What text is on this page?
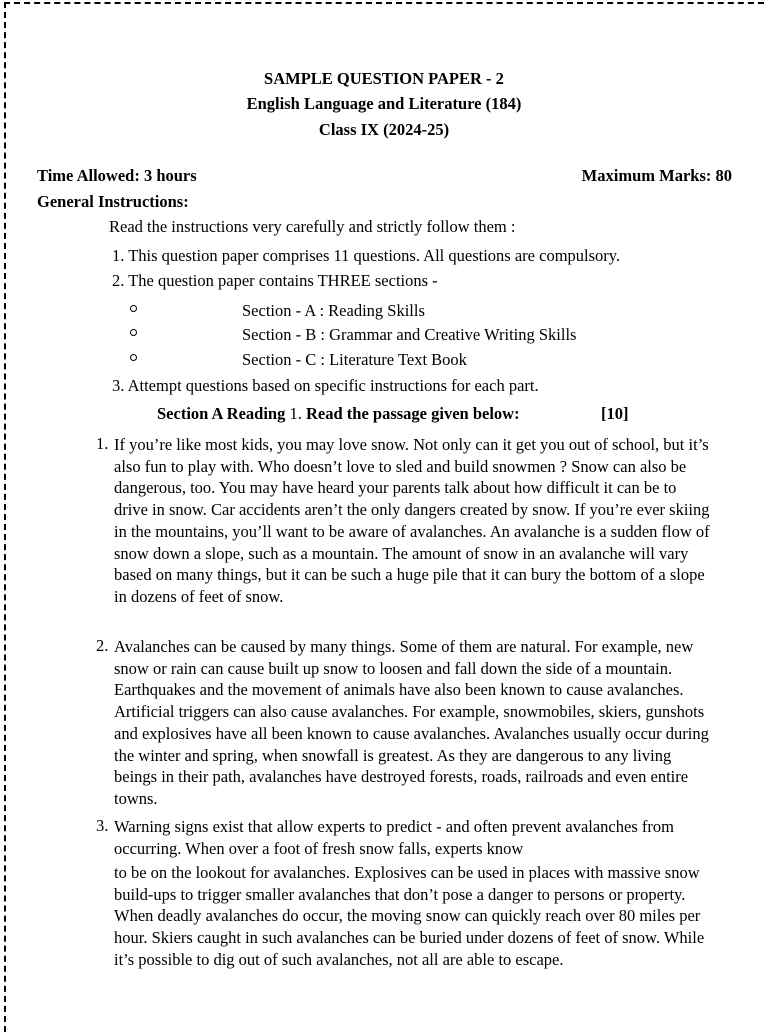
SAMPLE QUESTION PAPER - 2
English Language and Literature (184)
Class IX (2024-25)
Time Allowed: 3 hours	Maximum Marks: 80
General Instructions:
Read the instructions very carefully and strictly follow them :
1. This question paper comprises 11 questions. All questions are compulsory.
2. The question paper contains THREE sections -
Section - A : Reading Skills
Section - B : Grammar and Creative Writing Skills
Section - C : Literature Text Book
3. Attempt questions based on specific instructions for each part.
Section A Reading 1. Read the passage given below:	[10]
1. If you’re like most kids, you may love snow. Not only can it get you out of school, but it’s also fun to play with. Who doesn’t love to sled and build snowmen ? Snow can also be dangerous, too. You may have heard your parents talk about how difficult it can be to drive in snow. Car accidents aren’t the only dangers created by snow. If you’re ever skiing in the mountains, you’ll want to be aware of avalanches. An avalanche is a sudden flow of snow down a slope, such as a mountain. The amount of snow in an avalanche will vary based on many things, but it can be such a huge pile that it can bury the bottom of a slope in dozens of feet of snow.
2. Avalanches can be caused by many things. Some of them are natural. For example, new snow or rain can cause built up snow to loosen and fall down the side of a mountain. Earthquakes and the movement of animals have also been known to cause avalanches. Artificial triggers can also cause avalanches. For example, snowmobiles, skiers, gunshots and explosives have all been known to cause avalanches. Avalanches usually occur during the winter and spring, when snowfall is greatest. As they are dangerous to any living beings in their path, avalanches have destroyed forests, roads, railroads and even entire towns.
3. Warning signs exist that allow experts to predict - and often prevent avalanches from occurring. When over a foot of fresh snow falls, experts know
to be on the lookout for avalanches. Explosives can be used in places with massive snow build-ups to trigger smaller avalanches that don’t pose a danger to persons or property. When deadly avalanches do occur, the moving snow can quickly reach over 80 miles per hour. Skiers caught in such avalanches can be buried under dozens of feet of snow. While it’s possible to dig out of such avalanches, not all are able to escape.
